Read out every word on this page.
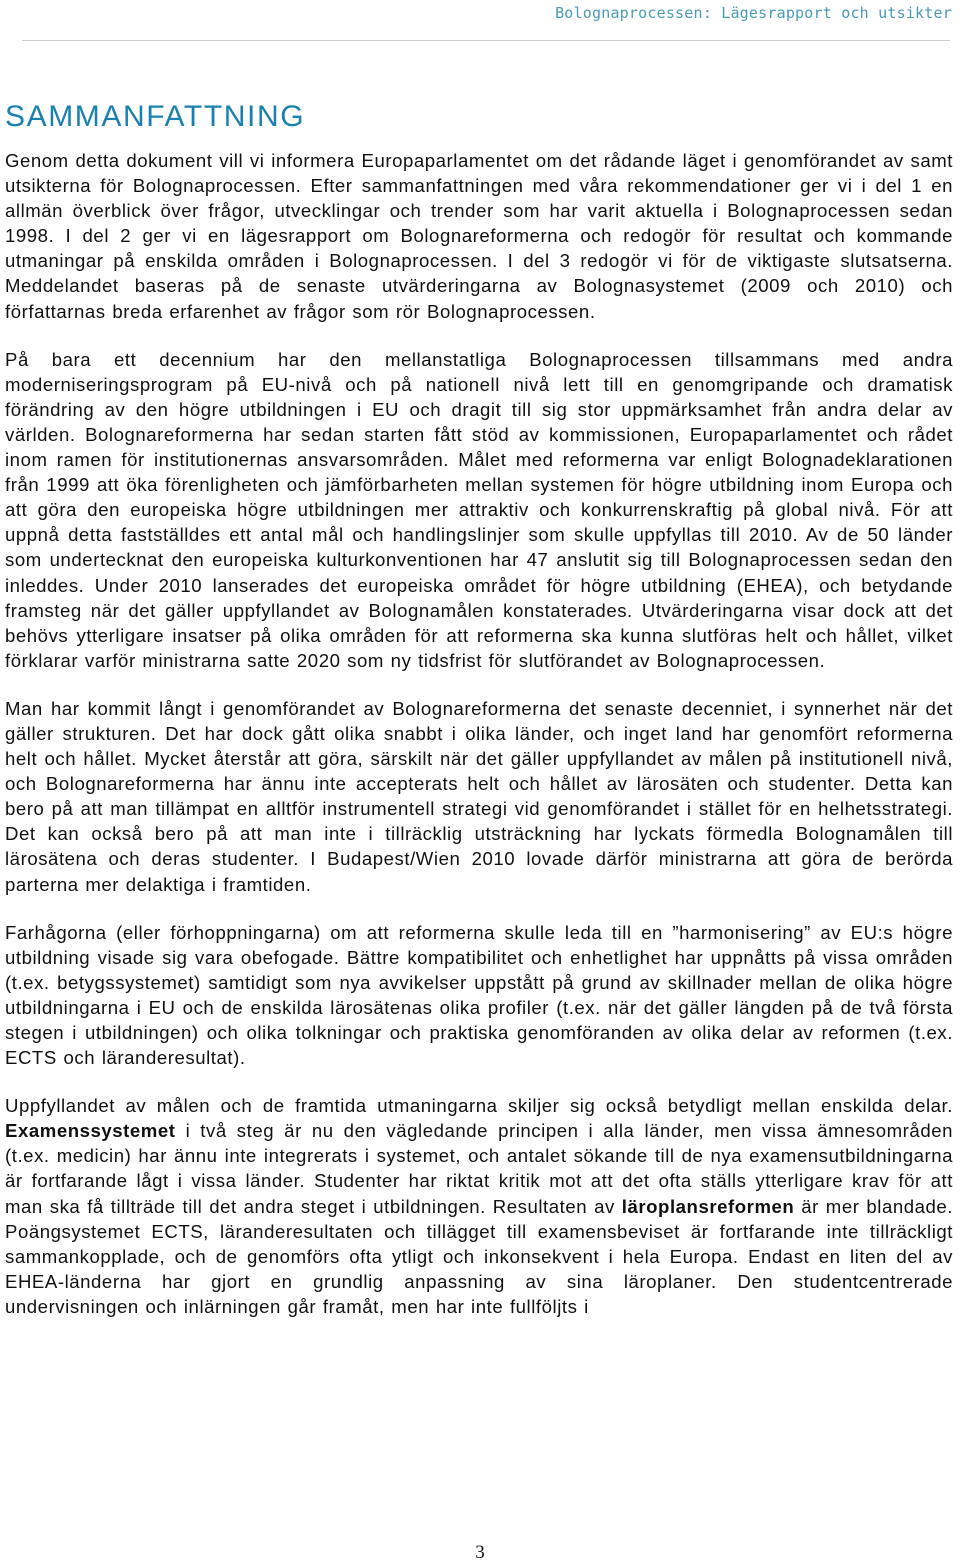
Bolognaprocessen: Lägesrapport och utsikter
SAMMANFATTNING

Genom detta dokument vill vi informera Europaparlamentet om det rådande läget i genomförandet av samt utsikterna för Bolognaprocessen. Efter sammanfattningen med våra rekommendationer ger vi i del 1 en allmän överblick över frågor, utvecklingar och trender som har varit aktuella i Bolognaprocessen sedan 1998. I del 2 ger vi en lägesrapport om Bolognareformerna och redogör för resultat och kommande utmaningar på enskilda områden i Bolognaprocessen. I del 3 redogör vi för de viktigaste slutsatserna. Meddelandet baseras på de senaste utvärderingarna av Bolognasystemet (2009 och 2010) och författarnas breda erfarenhet av frågor som rör Bolognaprocessen.

På bara ett decennium har den mellanstatliga Bolognaprocessen tillsammans med andra moderniseringsprogram på EU-nivå och på nationell nivå lett till en genomgripande och dramatisk förändring av den högre utbildningen i EU och dragit till sig stor uppmärksamhet från andra delar av världen. Bolognareformerna har sedan starten fått stöd av kommissionen, Europaparlamentet och rådet inom ramen för institutionernas ansvarsområden. Målet med reformerna var enligt Bolognadeklarationen från 1999 att öka förenligheten och jämförbarheten mellan systemen för högre utbildning inom Europa och att göra den europeiska högre utbildningen mer attraktiv och konkurrenskraftig på global nivå. För att uppnå detta fastställdes ett antal mål och handlingslinjer som skulle uppfyllas till 2010. Av de 50 länder som undertecknat den europeiska kulturkonventionen har 47 anslutit sig till Bolognaprocessen sedan den inleddes. Under 2010 lanserades det europeiska området för högre utbildning (EHEA), och betydande framsteg när det gäller uppfyllandet av Bolognamålen konstaterades. Utvärderingarna visar dock att det behövs ytterligare insatser på olika områden för att reformerna ska kunna slutföras helt och hållet, vilket förklarar varför ministrarna satte 2020 som ny tidsfrist för slutförandet av Bolognaprocessen.

Man har kommit långt i genomförandet av Bolognareformerna det senaste decenniet, i synnerhet när det gäller strukturen. Det har dock gått olika snabbt i olika länder, och inget land har genomfört reformerna helt och hållet. Mycket återstår att göra, särskilt när det gäller uppfyllandet av målen på institutionell nivå, och Bolognareformerna har ännu inte accepterats helt och hållet av lärosäten och studenter. Detta kan bero på att man tillämpat en alltför instrumentell strategi vid genomförandet i stället för en helhetsstrategi. Det kan också bero på att man inte i tillräcklig utsträckning har lyckats förmedla Bolognamålen till lärosätena och deras studenter. I Budapest/Wien 2010 lovade därför ministrarna att göra de berörda parterna mer delaktiga i framtiden.

Farhågorna (eller förhoppningarna) om att reformerna skulle leda till en ”harmonisering” av EU:s högre utbildning visade sig vara obefogade. Bättre kompatibilitet och enhetlighet har uppnåtts på vissa områden (t.ex. betygssystemet) samtidigt som nya avvikelser uppstått på grund av skillnader mellan de olika högre utbildningarna i EU och de enskilda lärosätenas olika profiler (t.ex. när det gäller längden på de två första stegen i utbildningen) och olika tolkningar och praktiska genomföranden av olika delar av reformen (t.ex. ECTS och läranderesultat).

Uppfyllandet av målen och de framtida utmaningarna skiljer sig också betydligt mellan enskilda delar. Examenssystemet i två steg är nu den vägledande principen i alla länder, men vissa ämnesområden (t.ex. medicin) har ännu inte integrerats i systemet, och antalet sökande till de nya examensutbildningarna är fortfarande lågt i vissa länder. Studenter har riktat kritik mot att det ofta ställs ytterligare krav för att man ska få tillträde till det andra steget i utbildningen. Resultaten av läroplansreformen är mer blandade. Poängsystemet ECTS, läranderesultaten och tillägget till examensbeviset är fortfarande inte tillräckligt sammankopplade, och de genomförs ofta ytligt och inkonsekvent i hela Europa. Endast en liten del av EHEA-länderna har gjort en grundlig anpassning av sina läroplaner. Den studentcentrerade undervisningen och inlärningen går framåt, men har inte fullföljts i

3
